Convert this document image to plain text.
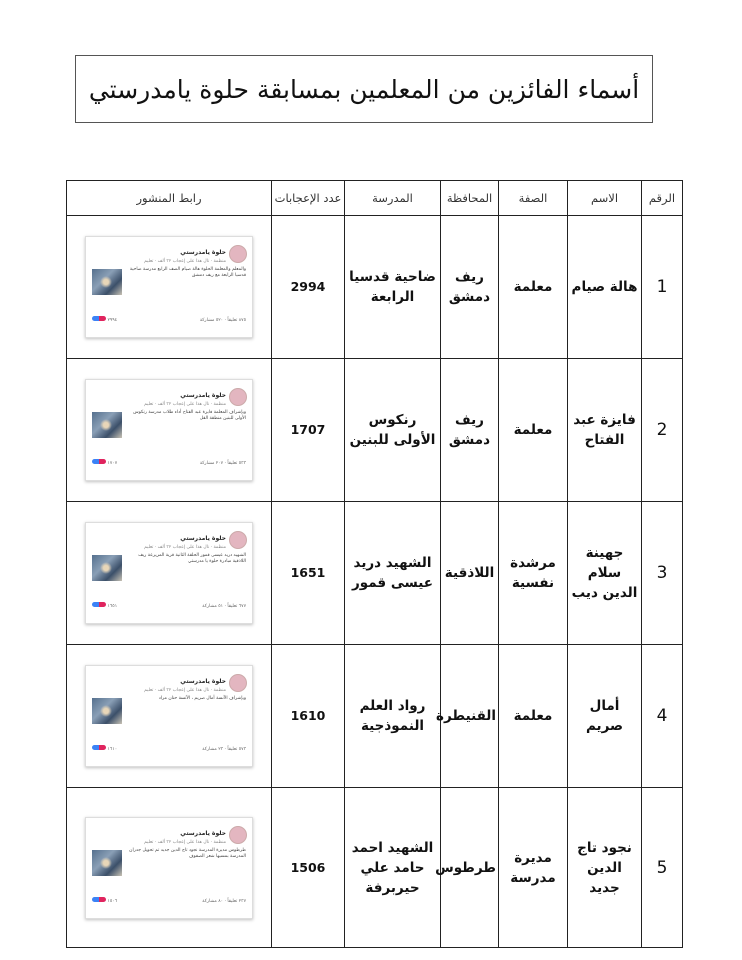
أسماء الفائزين من المعلمين بمسابقة حلوة يامدرستي
الرقم	الاسم	الصفة	المحافظة	المدرسة	عدد الإعجابات	رابط المنشور
1	هالة صيام	معلمة	ريف دمشق	ضاحية قدسيا الرابعة	2994	حلوة يامدرستي
منظمة · نال هذا على إعجاب ٣٢ ألف · تعليم
والمعلم والمعلمة الحلوة هالة صيام الصف الرابع مدرسة ضاحية قدسيا الرابعة مع ريف دمشق
٨٧٥ تعليقاً · ٥٢٠ مشاركة
٢٩٩٤

2	فايزة عبد الفتاح	معلمة	ريف دمشق	رنكوس الأولى للبنين	1707	حلوة يامدرستي
منظمة · نال هذا على إعجاب ٣٢ ألف · تعليم
وبإشراف المعلمة فايزة عبد الفتاح أداء طلاب مدرسة رنكوس الأولى للبنين منطقة القل
٥٣٣ تعليقاً · ٢٠٧ مشاركة
١٧٠٧

3	جهينة سلام الدين ديب	مرشدة نفسية	اللاذقية	الشهيد دريد عيسى قمور	1651	حلوة يامدرستي
منظمة · نال هذا على إعجاب ٣٢ ألف · تعليم
الشهيد دريد عيسى قمور الحلقة الثانية قرية المزيرعة ريف اللاذقية مبادرة حلوة يا مدرستي
٦٧٧ تعليقاً · ٥١ مشاركة
١٦٥١

4	أمال صريم	معلمة	القنيطرة	رواد العلم النموذجية	1610	حلوة يامدرستي
منظمة · نال هذا على إعجاب ٣٢ ألف · تعليم
وبإشراف الآنسة أمال صريم ، الآنسة حنان مراد
٥٧٣ تعليقاً · ٢٣ مشاركة
١٦١٠

5	نجود تاج الدين جديد	مديرة مدرسة	طرطوس	الشهيد احمد حامد علي حيربرفة	1506	حلوة يامدرستي
منظمة · نال هذا على إعجاب ٣٢ ألف · تعليم
طرطوس مديرة المدرسة نجود تاج الدين جديد تم تحويل جدران المدرسة بمسيها شعر الصفوف
٢٣٧ تعليقاً · ٨٠ مشاركة
١٥٠٦
